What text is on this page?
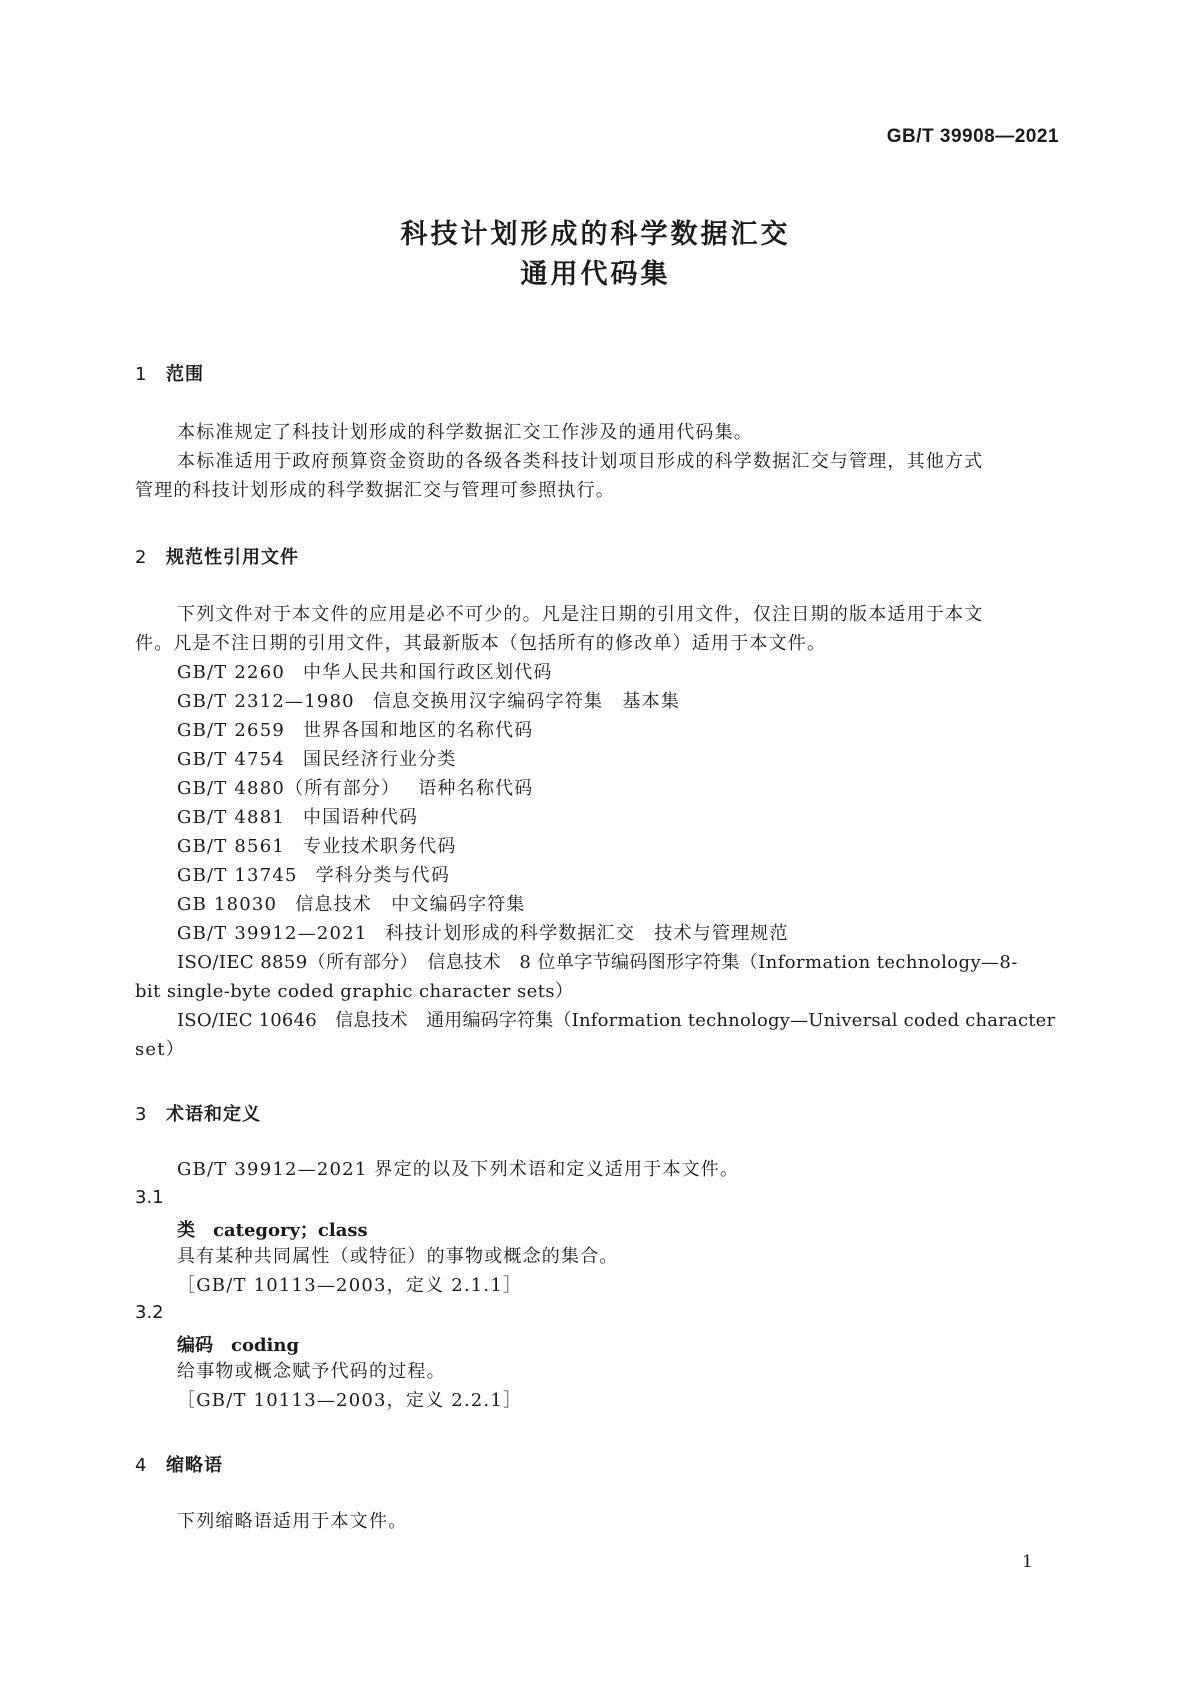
GB/T 39908—2021
科技计划形成的科学数据汇交
通用代码集
1 范围

本标准规定了科技计划形成的科学数据汇交工作涉及的通用代码集。

本标准适用于政府预算资金资助的各级各类科技计划项目形成的科学数据汇交与管理，其他方式

管理的科技计划形成的科学数据汇交与管理可参照执行。

2 规范性引用文件

下列文件对于本文件的应用是必不可少的。凡是注日期的引用文件，仅注日期的版本适用于本文

件。凡是不注日期的引用文件，其最新版本（包括所有的修改单）适用于本文件。

GB/T 2260 中华人民共和国行政区划代码
GB/T 2312—1980 信息交换用汉字编码字符集　基本集
GB/T 2659 世界各国和地区的名称代码
GB/T 4754 国民经济行业分类
GB/T 4880（所有部分） 语种名称代码
GB/T 4881 中国语种代码
GB/T 8561 专业技术职务代码
GB/T 13745 学科分类与代码
GB 18030 信息技术　中文编码字符集
GB/T 39912—2021 科技计划形成的科学数据汇交　技术与管理规范

ISO/IEC 8859（所有部分）　信息技术　8 位单字节编码图形字符集（Information technology—8-

bit single-byte coded graphic character sets）

ISO/IEC 10646　信息技术　通用编码字符集（Information technology—Universal coded character

set）

3 术语和定义

GB/T 39912—2021 界定的以及下列术语和定义适用于本文件。

3.1
类 category；class

具有某种共同属性（或特征）的事物或概念的集合。

［GB/T 10113—2003，定义 2.1.1］

3.2
编码 coding

给事物或概念赋予代码的过程。

［GB/T 10113—2003，定义 2.2.1］

4 缩略语

下列缩略语适用于本文件。

1
